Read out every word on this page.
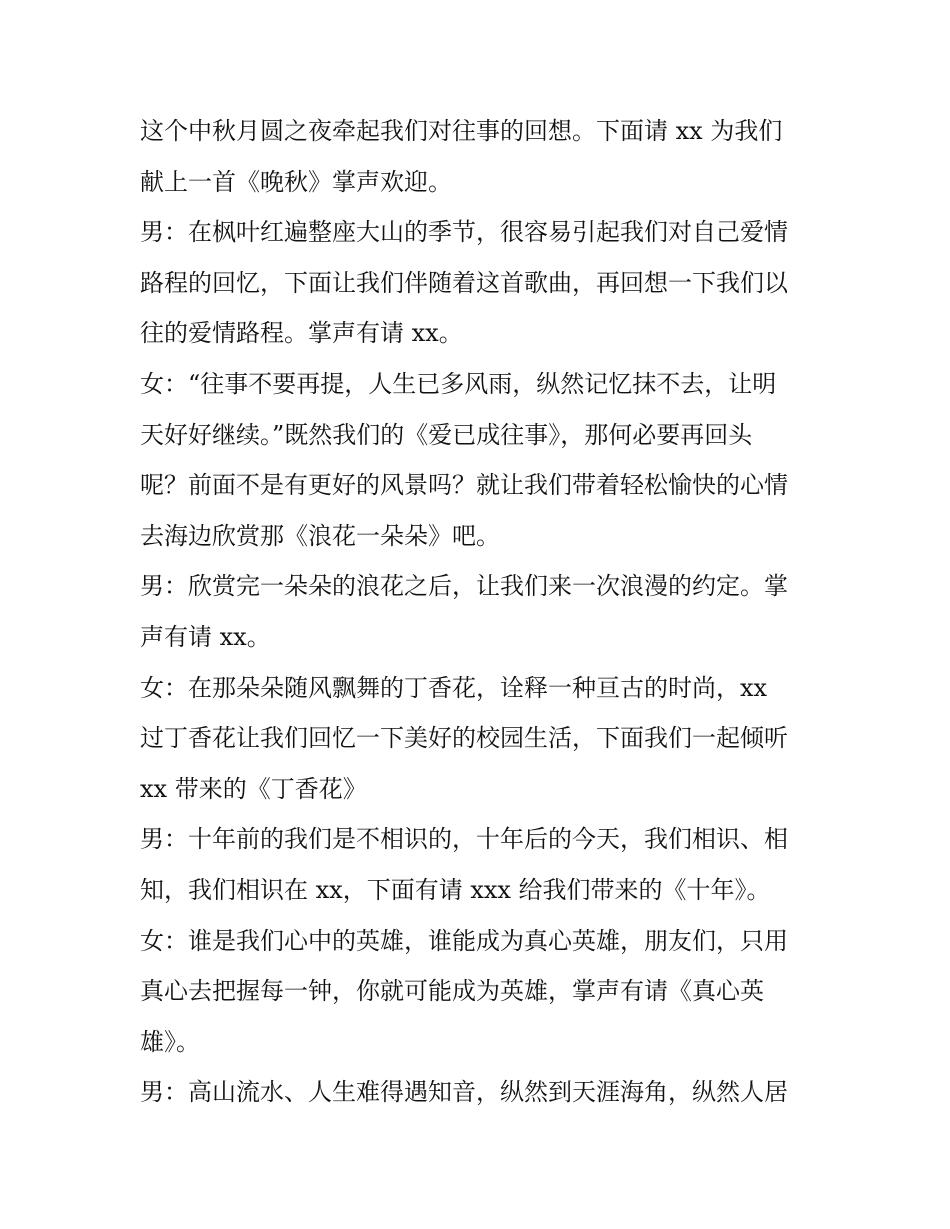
这个中秋月圆之夜牵起我们对往事的回想。下面请 xx 为我们

献上一首《晚秋》掌声欢迎。

男：在枫叶红遍整座大山的季节，很容易引起我们对自己爱情

路程的回忆，下面让我们伴随着这首歌曲，再回想一下我们以

往的爱情路程。掌声有请 xx。

女：“往事不要再提，人生已多风雨，纵然记忆抹不去，让明

天好好继续。”既然我们的《爱已成往事》，那何必要再回头

呢？前面不是有更好的风景吗？就让我们带着轻松愉快的心情

去海边欣赏那《浪花一朵朵》吧。

男：欣赏完一朵朵的浪花之后，让我们来一次浪漫的约定。掌

声有请 xx。

女：在那朵朵随风飘舞的丁香花，诠释一种亘古的时尚，xx

过丁香花让我们回忆一下美好的校园生活，下面我们一起倾听

xx 带来的《丁香花》

男：十年前的我们是不相识的，十年后的今天，我们相识、相

知，我们相识在 xx，下面有请 xxx 给我们带来的《十年》。

女：谁是我们心中的英雄，谁能成为真心英雄，朋友们，只用

真心去把握每一钟，你就可能成为英雄，掌声有请《真心英

雄》。

男：高山流水、人生难得遇知音，纵然到天涯海角，纵然人居
